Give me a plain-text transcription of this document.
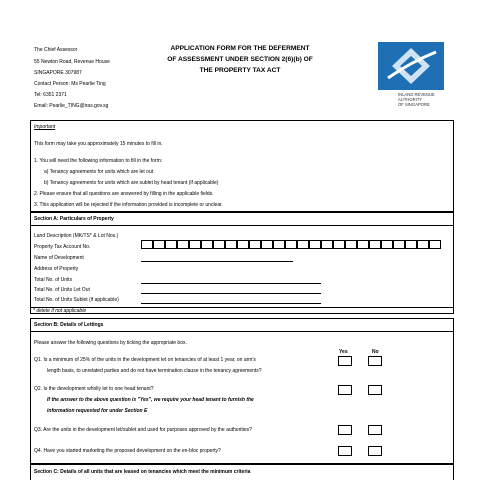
The Chief Assessor
55 Newton Road, Revenue House
SINGAPORE 307987
Contact Person: Ms Pearlie Ting
Tel: 6351 2371
Email: Pearlie_TING@iras.gov.sg
APPLICATION FORM FOR THE DEFERMENT
OF ASSESSMENT UNDER SECTION 2(6)(b) OF
THE PROPERTY TAX ACT
INLAND REVENUE
AUTHORITY
OF SINGAPORE
Important
This form may take you approximately 15 minutes to fill in.
1. You will need the following information to fill in the form:
a) Tenancy agreements for units which are let out
b) Tenancy agreements for units which are sublet by head tenant (if applicable)
2. Please ensure that all questions are answered by filling in the applicable fields.
3. This application will be rejected if the information provided is incomplete or unclear.
Section A: Particulars of Property
Land Description (MK/TS* & Lot Nos.)
Property Tax Account No.
Name of Development
Address of Property
Total No. of Units
Total No. of Units Let Out
Total No. of Units Sublet (if applicable)
* delete if not applicable
Section B: Details of Lettings
Please answer the following questions by ticking the appropriate box.
Yes	No
Q1. Is a minimum of 25% of the units in the development let on tenancies of at least 1 year, on arm's
length basis, to unrelated parties and do not have termination clause in the tenancy agreements?
Q2. Is the development wholly let to one head tenant?
If the answer to the above question is "Yes", we require your head tenant to furnish the
information requested for under Section E
Q3. Are the units in the development let/sublet and used for purposes approved by the authorities?
Q4. Have you started marketing the proposed development on the en-bloc property?
Section C: Details of all units that are leased on tenancies which meet the minimum criteria
